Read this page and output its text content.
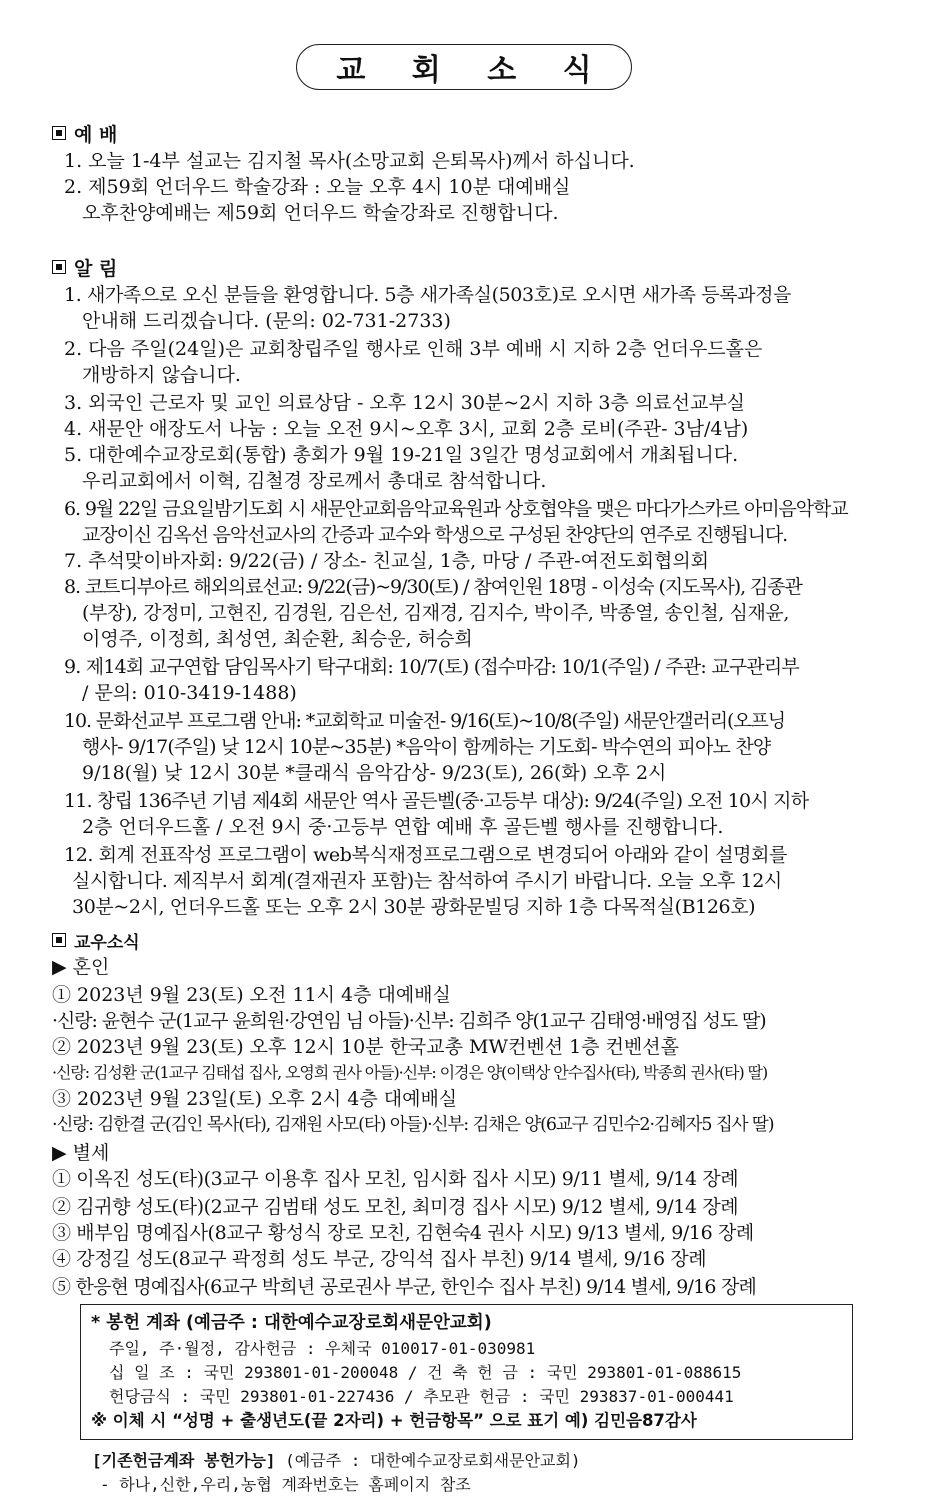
교 회 소 식
예 배
1. 오늘 1-4부 설교는 김지철 목사(소망교회 은퇴목사)께서 하십니다.
2. 제59회 언더우드 학술강좌 : 오늘 오후 4시 10분 대예배실
오후찬양예배는 제59회 언더우드 학술강좌로 진행합니다.
알 림
1. 새가족으로 오신 분들을 환영합니다. 5층 새가족실(503호)로 오시면 새가족 등록과정을
안내해 드리겠습니다. (문의: 02-731-2733)
2. 다음 주일(24일)은 교회창립주일 행사로 인해 3부 예배 시 지하 2층 언더우드홀은
개방하지 않습니다.
3. 외국인 근로자 및 교인 의료상담 - 오후 12시 30분~2시 지하 3층 의료선교부실
4. 새문안 애장도서 나눔 : 오늘 오전 9시~오후 3시, 교회 2층 로비(주관- 3남/4남)
5. 대한예수교장로회(통합) 총회가 9월 19-21일 3일간 명성교회에서 개최됩니다.
우리교회에서 이혁, 김철경 장로께서 총대로 참석합니다.
6. 9월 22일 금요일밤기도회 시 새문안교회음악교육원과 상호협약을 맺은 마다가스카르 아미음악학교
교장이신 김옥선 음악선교사의 간증과 교수와 학생으로 구성된 찬양단의 연주로 진행됩니다.
7. 추석맞이바자회: 9/22(금) / 장소- 친교실, 1층, 마당 / 주관-여전도회협의회
8. 코트디부아르 해외의료선교: 9/22(금)~9/30(토) / 참여인원 18명 - 이성숙 (지도목사), 김종관
(부장), 강정미, 고현진, 김경원, 김은선, 김재경, 김지수, 박이주, 박종열, 송인철, 심재윤,
이영주, 이정희, 최성연, 최순환, 최승운, 허승희
9. 제14회 교구연합 담임목사기 탁구대회: 10/7(토) (접수마감: 10/1(주일) / 주관: 교구관리부
/ 문의: 010-3419-1488)
10. 문화선교부 프로그램 안내: *교회학교 미술전- 9/16(토)~10/8(주일) 새문안갤러리(오프닝
행사- 9/17(주일) 낮 12시 10분~35분) *음악이 함께하는 기도회- 박수연의 피아노 찬양
9/18(월) 낮 12시 30분 *클래식 음악감상- 9/23(토), 26(화) 오후 2시
11. 창립 136주년 기념 제4회 새문안 역사 골든벨(중·고등부 대상): 9/24(주일) 오전 10시 지하
2층 언더우드홀 / 오전 9시 중·고등부 연합 예배 후 골든벨 행사를 진행합니다.
12. 회계 전표작성 프로그램이 web복식재정프로그램으로 변경되어 아래와 같이 설명회를
실시합니다. 제직부서 회계(결재권자 포함)는 참석하여 주시기 바랍니다. 오늘 오후 12시
30분~2시, 언더우드홀 또는 오후 2시 30분 광화문빌딩 지하 1층 다목적실(B126호)
교우소식
▶ 혼인
① 2023년 9월 23(토) 오전 11시 4층 대예배실
·신랑: 윤현수 군(1교구 윤희원·강연임 님 아들)·신부: 김희주 양(1교구 김태영·배영집 성도 딸)
② 2023년 9월 23(토) 오후 12시 10분 한국교총 MW컨벤션 1층 컨벤션홀
·신랑: 김성환 군(1교구 김태섭 집사, 오영희 권사 아들)·신부: 이경은 양(이택상 안수집사(타), 박종희 권사(타) 딸)
③ 2023년 9월 23일(토) 오후 2시 4층 대예배실
·신랑: 김한결 군(김인 목사(타), 김재원 사모(타) 아들)·신부: 김채은 양(6교구 김민수2·김혜자5 집사 딸)
▶ 별세
① 이옥진 성도(타)(3교구 이용후 집사 모친, 임시화 집사 시모) 9/11 별세, 9/14 장례
② 김귀향 성도(타)(2교구 김범태 성도 모친, 최미경 집사 시모) 9/12 별세, 9/14 장례
③ 배부임 명예집사(8교구 황성식 장로 모친, 김현숙4 권사 시모) 9/13 별세, 9/16 장례
④ 강정길 성도(8교구 곽정희 성도 부군, 강익석 집사 부친) 9/14 별세, 9/16 장례
⑤ 한응현 명예집사(6교구 박희년 공로권사 부군, 한인수 집사 부친) 9/14 별세, 9/16 장례
* 봉헌 계좌 (예금주 : 대한예수교장로회새문안교회)
주일, 주·월정, 감사헌금 : 우체국 010017-01-030981
십 일 조 : 국민 293801-01-200048 / 건 축 헌 금 : 국민 293801-01-088615
헌당금식 : 국민 293801-01-227436 / 추모관 헌금 : 국민 293837-01-000441
※ 이체 시 “성명 + 출생년도(끝 2자리) + 헌금항목” 으로 표기 예) 김민음87감사
[기존헌금계좌 봉헌가능] (예금주 : 대한예수교장로회새문안교회)
- 하나,신한,우리,농협 계좌번호는 홈페이지 참조
